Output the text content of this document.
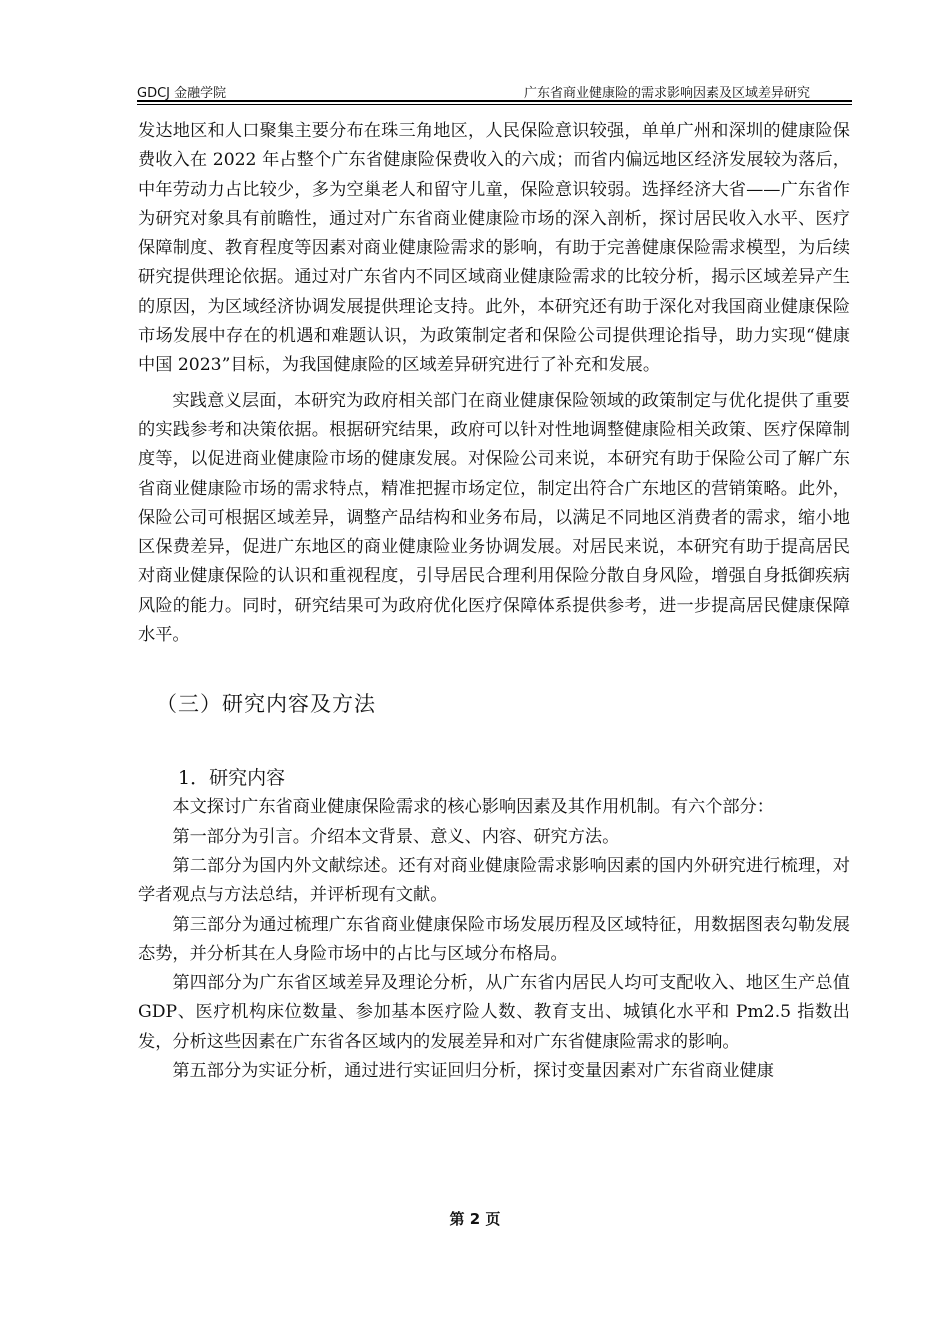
GDCJ 金融学院	广东省商业健康险的需求影响因素及区域差异研究

发达地区和人口聚集主要分布在珠三角地区，人民保险意识较强，单单广州和深圳的健康险保费收入在 2022 年占整个广东省健康险保费收入的六成；而省内偏远地区经济发展较为落后，中年劳动力占比较少，多为空巢老人和留守儿童，保险意识较弱。选择经济大省——广东省作为研究对象具有前瞻性，通过对广东省商业健康险市场的深入剖析，探讨居民收入水平、医疗保障制度、教育程度等因素对商业健康险需求的影响，有助于完善健康保险需求模型，为后续研究提供理论依据。通过对广东省内不同区域商业健康险需求的比较分析，揭示区域差异产生的原因，为区域经济协调发展提供理论支持。此外，本研究还有助于深化对我国商业健康保险市场发展中存在的机遇和难题认识，为政策制定者和保险公司提供理论指导，助力实现“健康中国 2023”目标，为我国健康险的区域差异研究进行了补充和发展。

实践意义层面，本研究为政府相关部门在商业健康保险领域的政策制定与优化提供了重要的实践参考和决策依据。根据研究结果，政府可以针对性地调整健康险相关政策、医疗保障制度等，以促进商业健康险市场的健康发展。对保险公司来说，本研究有助于保险公司了解广东省商业健康险市场的需求特点，精准把握市场定位，制定出符合广东地区的营销策略。此外，保险公司可根据区域差异，调整产品结构和业务布局，以满足不同地区消费者的需求，缩小地区保费差异，促进广东地区的商业健康险业务协调发展。对居民来说，本研究有助于提高居民对商业健康保险的认识和重视程度，引导居民合理利用保险分散自身风险，增强自身抵御疾病风险的能力。同时，研究结果可为政府优化医疗保障体系提供参考，进一步提高居民健康保障水平。

（三）研究内容及方法
1．研究内容

本文探讨广东省商业健康保险需求的核心影响因素及其作用机制。有六个部分：

第一部分为引言。介绍本文背景、意义、内容、研究方法。

第二部分为国内外文献综述。还有对商业健康险需求影响因素的国内外研究进行梳理，对学者观点与方法总结，并评析现有文献。

第三部分为通过梳理广东省商业健康保险市场发展历程及区域特征，用数据图表勾勒发展态势，并分析其在人身险市场中的占比与区域分布格局。

第四部分为广东省区域差异及理论分析，从广东省内居民人均可支配收入、地区生产总值 GDP、医疗机构床位数量、参加基本医疗险人数、教育支出、城镇化水平和 Pm2.5 指数出发，分析这些因素在广东省各区域内的发展差异和对广东省健康险需求的影响。

第五部分为实证分析，通过进行实证回归分析，探讨变量因素对广东省商业健康

第 2 页
